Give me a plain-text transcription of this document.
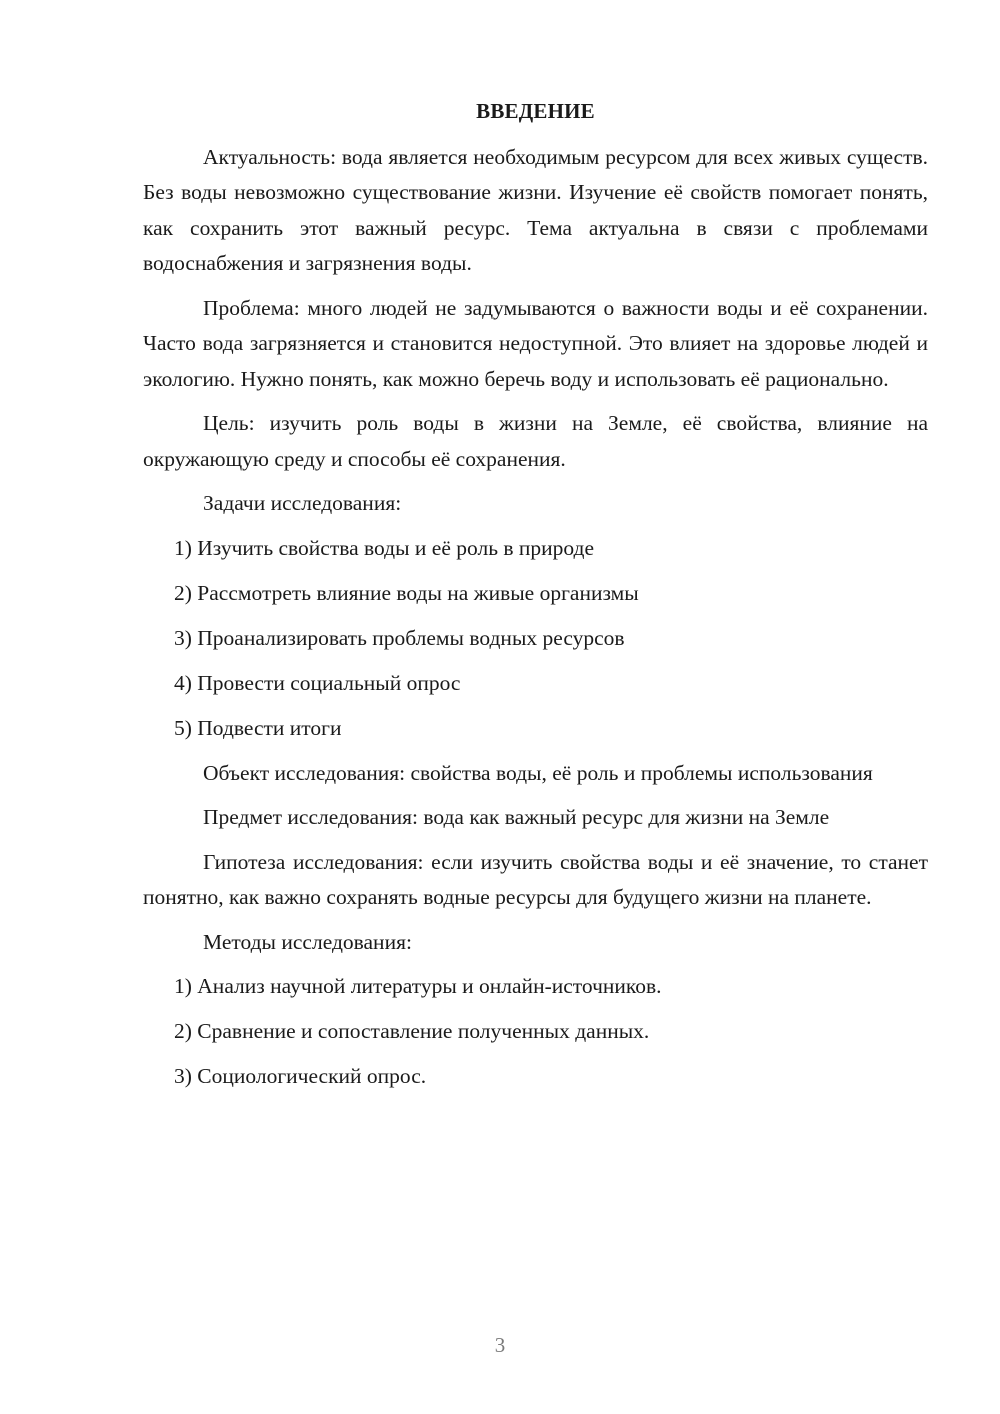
ВВЕДЕНИЕ

Актуальность: вода является необходимым ресурсом для всех живых существ. Без воды невозможно существование жизни. Изучение её свойств помогает понять, как сохранить этот важный ресурс. Тема актуальна в связи с проблемами водоснабжения и загрязнения воды.

Проблема: много людей не задумываются о важности воды и её сохранении. Часто вода загрязняется и становится недоступной. Это влияет на здоровье людей и экологию. Нужно понять, как можно беречь воду и использовать её рационально.

Цель: изучить роль воды в жизни на Земле, её свойства, влияние на окружающую среду и способы её сохранения.

Задачи исследования:

1) Изучить свойства воды и её роль в природе
2) Рассмотреть влияние воды на живые организмы
3) Проанализировать проблемы водных ресурсов
4) Провести социальный опрос
5) Подвести итоги

Объект исследования: свойства воды, её роль и проблемы использования

Предмет исследования: вода как важный ресурс для жизни на Земле

Гипотеза исследования: если изучить свойства воды и её значение, то станет понятно, как важно сохранять водные ресурсы для будущего жизни на планете.

Методы исследования:

1) Анализ научной литературы и онлайн-источников.
2) Сравнение и сопоставление полученных данных.
3) Социологический опрос.
3
